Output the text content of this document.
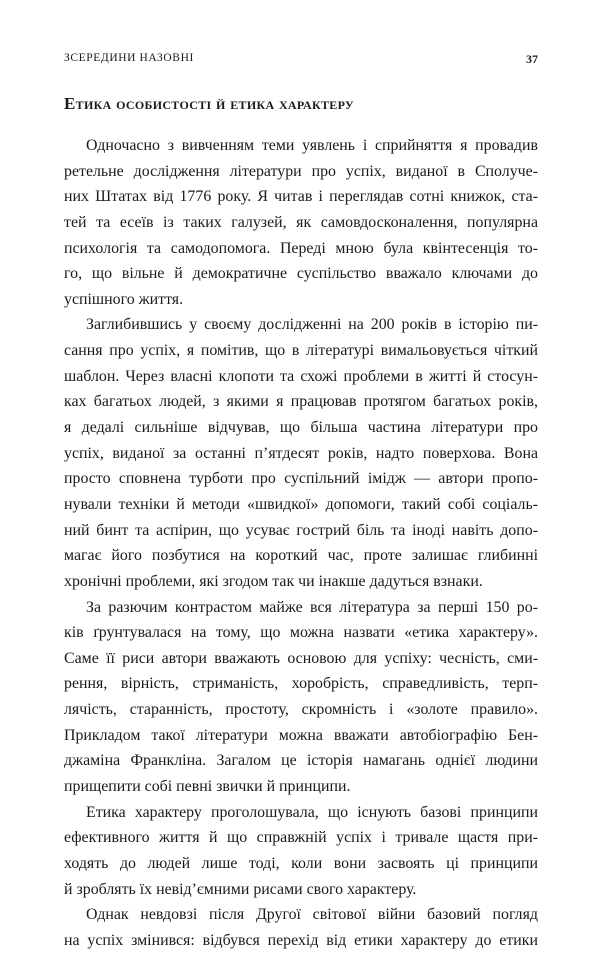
ЗСЕРЕДИНИ НАЗОВНІ	37
Етика особистості й етика характеру
Одночасно з вивченням теми уявлень і сприйняття я провадив
ретельне дослідження літератури про успіх, виданої в Сполуче-
них Штатах від 1776 року. Я читав і переглядав сотні книжок, ста-
тей та есеїв із таких галузей, як самовдосконалення, популярна
психологія та самодопомога. Переді мною була квінтесенція то-
го, що вільне й демократичне суспільство вважало ключами до
успішного життя.
Заглибившись у своєму дослідженні на 200 років в історію пи-
сання про успіх, я помітив, що в літературі вимальовується чіткий
шаблон. Через власні клопоти та схожі проблеми в житті й стосун-
ках багатьох людей, з якими я працював протягом багатьох років,
я дедалі сильніше відчував, що більша частина літератури про
успіх, виданої за останні п’ятдесят років, надто поверхова. Вона
просто сповнена турботи про суспільний імідж — автори пропо-
нували техніки й методи «швидкої» допомоги, такий собі соціаль-
ний бинт та аспірин, що усуває гострий біль та іноді навіть допо-
магає його позбутися на короткий час, проте залишає глибинні
хронічні проблеми, які згодом так чи інакше дадуться взнаки.
За разючим контрастом майже вся література за перші 150 ро-
ків ґрунтувалася на тому, що можна назвати «етика характеру».
Саме її риси автори вважають основою для успіху: чесність, сми-
рення, вірність, стриманість, хоробрість, справедливість, терп-
лячість, старанність, простоту, скромність і «золоте правило».
Прикладом такої літератури можна вважати автобіографію Бен-
джаміна Франкліна. Загалом це історія намагань однієї людини
прищепити собі певні звички й принципи.
Етика характеру проголошувала, що існують базові принципи
ефективного життя й що справжній успіх і тривале щастя при-
ходять до людей лише тоді, коли вони засвоять ці принципи
й зроблять їх невід’ємними рисами свого характеру.
Однак невдовзі після Другої світової війни базовий погляд
на успіх змінився: відбувся перехід від етики характеру до етики
